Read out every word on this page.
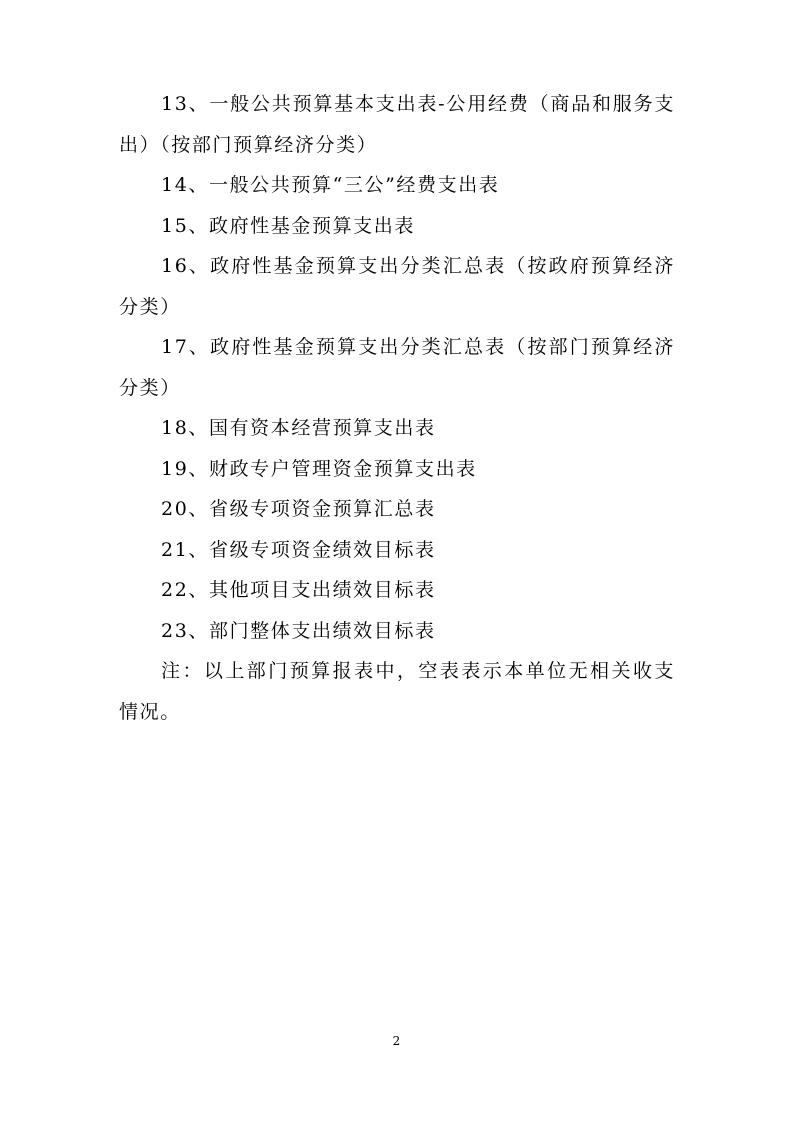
13、一般公共预算基本支出表-公用经费（商品和服务支出）（按部门预算经济分类）

14、一般公共预算“三公”经费支出表

15、政府性基金预算支出表

16、政府性基金预算支出分类汇总表（按政府预算经济分类）

17、政府性基金预算支出分类汇总表（按部门预算经济分类）

18、国有资本经营预算支出表

19、财政专户管理资金预算支出表

20、省级专项资金预算汇总表

21、省级专项资金绩效目标表

22、其他项目支出绩效目标表

23、部门整体支出绩效目标表

注：以上部门预算报表中，空表表示本单位无相关收支情况。

2
